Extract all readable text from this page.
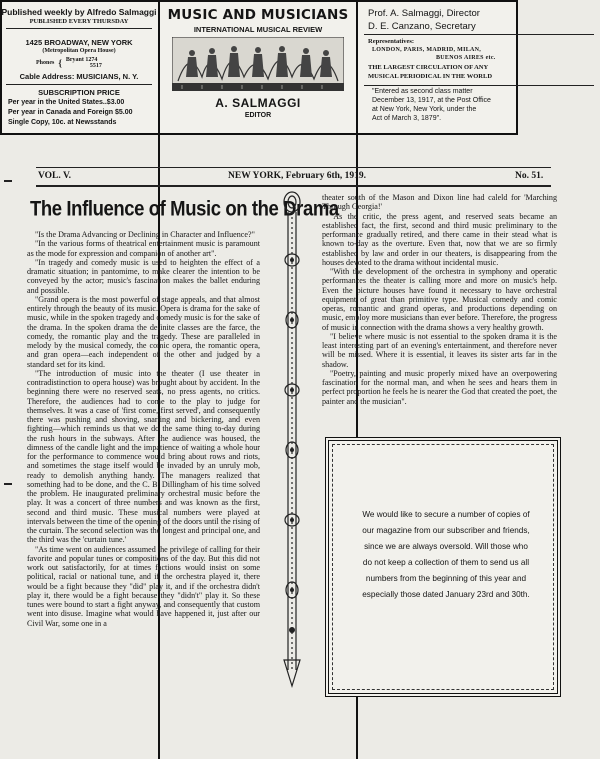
Published weekly by Alfredo Salmaggi
PUBLISHED EVERY THURSDAY
1425 BROADWAY, NEW YORK
(Metropolitan Opera House)
Phones { Bryant 1274
5517
Cable Address: MUSICIANS, N. Y.
SUBSCRIPTION PRICE
Per year in the United States..$3.00
Per year in Canada and Foreign $5.00
Single Copy, 10c. at Newsstands
MUSIC AND MUSICIANS
INTERNATIONAL MUSICAL REVIEW
A. SALMAGGI
EDITOR
Prof. A. Salmaggi, Director
D. E. Canzano, Secretary
Representatives:
LONDON, PARIS, MADRID, MILAN,
BUENOS AIRES etc.
THE LARGEST CIRCULATION OF ANY
MUSICAL PERIODICAL IN THE WORLD
"Entered as second class matter
December 13, 1917, at the Post Office
at New York, New York, under the
Act of March 3, 1879".
VOL. V.	NEW YORK, February 6th, 1919.	No. 51.
The Influence of Music on the Drama

"Is the Drama Advancing or Declining in Character and Influence?"

"In the various forms of theatrical entertainment music is paramount as the mode for expression and companion of another art".

"In tragedy and comedy music is used to heighten the effect of a dramatic situation; in pantomime, to make clearer the intention to be conveyed by the actor; music's fascination makes the ballet enduring and possible.

"Grand opera is the most powerful of stage appeals, and that almost entirely through the beauty of its music. Opera is drama for the sake of music, while in the spoken tragedy and comedy music is for the sake of the drama. In the spoken drama the definite classes are the farce, the comedy, the romantic play and the tragedy. These are paralleled in melody by the musical comedy, the comic opera, the romantic opera, and gran opera—each independent of the other and judged by a standard set for its kind.

"The introduction of music into the theater (I use theater in contradistinction to opera house) was brought about by accident. In the beginning there were no reserved seats, no press agents, no critics. Therefore, the audiences had to come to the play to judge for themselves. It was a case of 'first come, first served', and consequently there was pushing and shoving, snarling and bickering, and even fighting—which reminds us that we do the same thing to-day during the rush hours in the subways. After the audience was housed, the dimness of the candle light and the impatience of waiting a whole hour for the performance to commence would bring about rows and riots, and sometimes the stage itself would be invaded by an unruly mob, ready to demolish anything handy. The managers realized that something had to be done, and the C. B. Dillingham of his time solved the problem. He inaugurated preliminary orchestral music before the play. It was a concert of three numbers and was known as the first, second and third music. These musical numbers were played at intervals between the time of the opening of the doors until the rising of the curtain. The second selection was the longest and principal one, and the third was the 'curtain tune.'

"As time went on audiences assumed the privilege of calling for their favorite and popular tunes or compositions of the day. But this did not work out satisfactorily, for at times factions would insist on some political, racial or national tune, and if the orchestra played it, there would be a fight because they "did" play it, and if the orchestra didn't play it, there would be a fight because they "didn't" play it. So these tunes were bound to start a fight anyway, and consequently that custom went into disuse. Imagine what would have happened it, just after our Civil War, some one in a

theater south of the Mason and Dixon line had caleld for 'Marching Through Georgia!'

"As the critic, the press agent, and reserved seats became an established fact, the first, second and third music preliminary to the performance gradually retired, and there came in their stead what is known to-day as the overture. Even that, now that we are so firmly established by law and order in our theaters, is disappearing from the houses devoted to the drama without incidental music.

"With the development of the orchestra in symphony and operatic performances the theater is calling more and more on music's help. Even the picture houses have found it necessary to have orchestral equipment of great than primitive type. Musical comedy and comic operas, romantic and grand operas, and productions depending on music, employ more musicians than ever before. Therefore, the progress of music in connection with the drama shows a very healthy growth.

"I believe where music is not essential to the spoken drama it is the least interesting part of an evening's entertainment, and therefore never will be missed. Where it is essential, it leaves its sister arts far in the shadow.

"Poetry, painting and music properly mixed have an overpowering fascination for the normal man, and when he sees and hears them in perfect proportion he feels he is nearer the God that created the poet, the painter and the musician".

We would like to secure a number of copies of our magazine from our subscriber and friends, since we are always oversold. Will those who do not keep a collection of them to send us all numbers from the beginning of this year and especially those dated January 23rd and 30th.
